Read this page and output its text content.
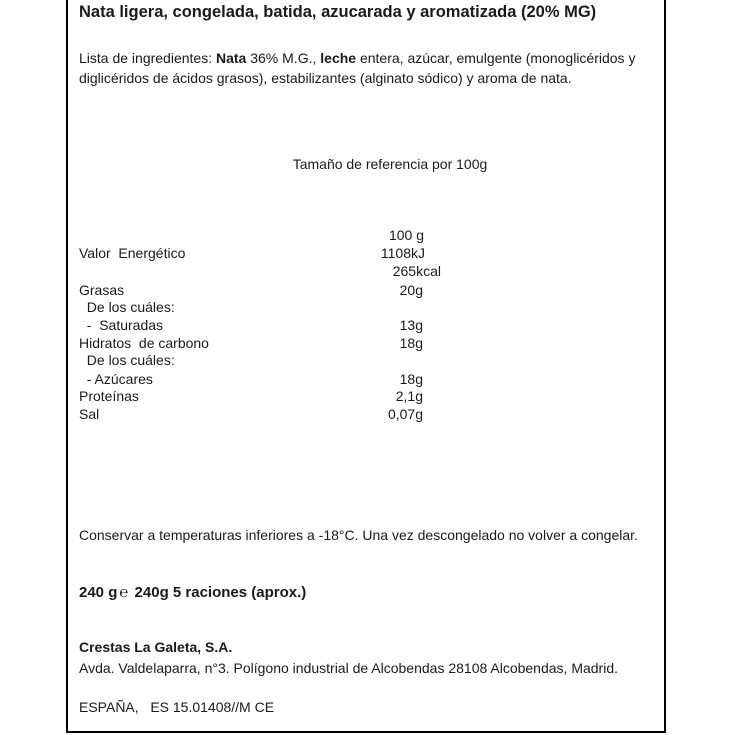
Nata ligera, congelada, batida, azucarada y aromatizada (20% MG)
Lista de ingredientes: Nata 36% M.G., leche entera, azúcar, emulgente (monoglicéridos y diglicéridos de ácidos grasos), estabilizantes (alginato sódico) y aroma de nata.
Tamaño de referencia por 100g
100 g
Valor  Energético	1108kJ
265kcal
Grasas	20g
De los cuáles:
-  Saturadas	13g
Hidratos  de carbono	18g
De los cuáles:
- Azúcares	18g
Proteínas	2,1g
Sal	0,07g
Conservar a temperaturas inferiores a -18°C. Una vez descongelado no volver a congelar.
240 g ℮ 240g 5 raciones (aprox.)
Crestas La Galeta, S.A.
Avda. Valdelaparra, n°3. Polígono industrial de Alcobendas 28108 Alcobendas, Madrid.
ESPAÑA,   ES 15.01408//M CE
